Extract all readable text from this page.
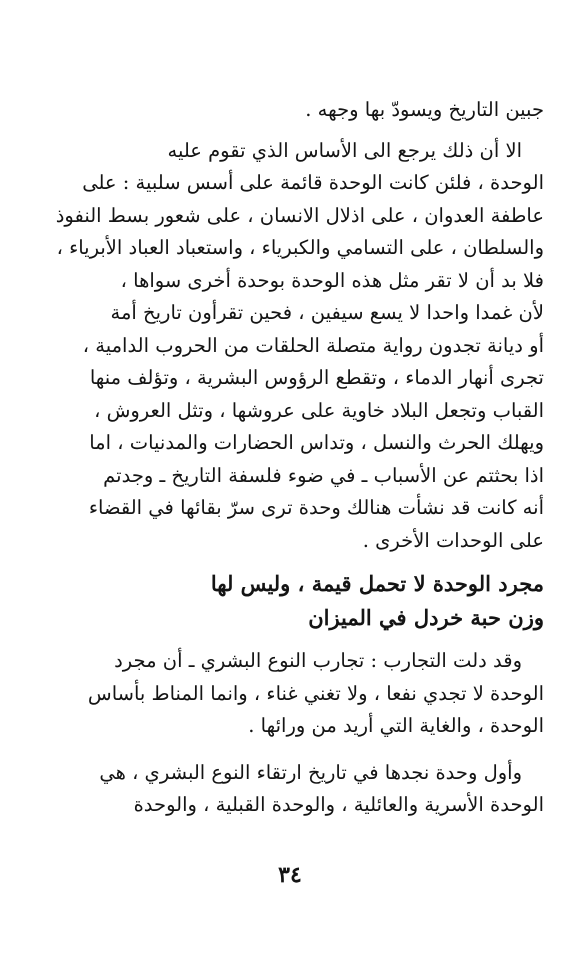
جبين التاريخ ويسودّ بها وجهه .

الا أن ذلك يرجع الى الأساس الذي تقوم عليه

الوحدة ، فلئن كانت الوحدة قائمة على أسس سلبية : على

عاطفة العدوان ، على اذلال الانسان ، على شعور بسط النفوذ

والسلطان ، على التسامي والكبرياء ، واستعباد العباد الأبرياء ،

فلا بد أن لا تقر مثل هذه الوحدة بوحدة أخرى سواها ،

لأن غمدا واحدا لا يسع سيفين ، فحين تقرأون تاريخ أمة

أو ديانة تجدون رواية متصلة الحلقات من الحروب الدامية ،

تجرى أنهار الدماء ، وتقطع الرؤوس البشرية ، وتؤلف منها

القباب وتجعل البلاد خاوية على عروشها ، وتثل العروش ،

ويهلك الحرث والنسل ، وتداس الحضارات والمدنيات ، اما

اذا بحثتم عن الأسباب ـ في ضوء فلسفة التاريخ ـ وجدتم

أنه كانت قد نشأت هنالك وحدة ترى سرّ بقائها في القضاء

على الوحدات الأخرى .

مجرد الوحدة لا تحمل قيمة ، وليس لها

وزن حبة خردل في الميزان

وقد دلت التجارب : تجارب النوع البشري ـ أن مجرد

الوحدة لا تجدي نفعا ، ولا تغني غناء ، وانما المناط بأساس

الوحدة ، والغاية التي أريد من ورائها .

وأول وحدة نجدها في تاريخ ارتقاء النوع البشري ، هي

الوحدة الأسرية والعائلية ، والوحدة القبلية ، والوحدة

٣٤
